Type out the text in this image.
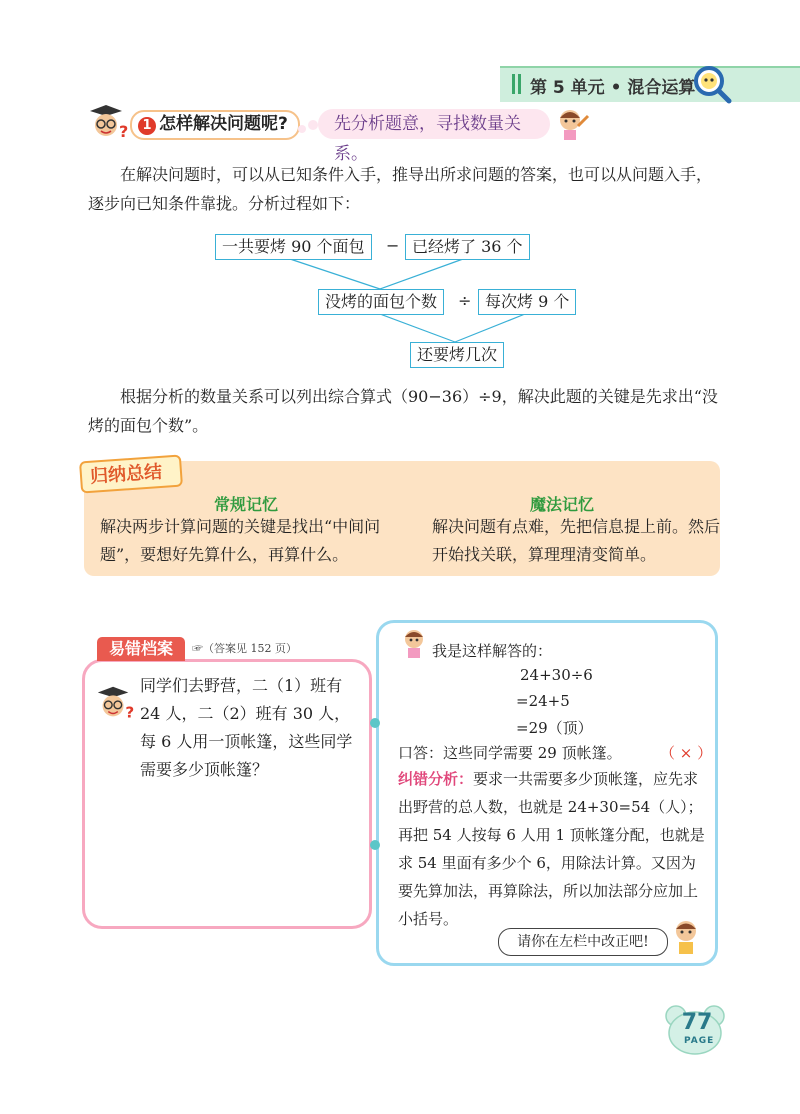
第 5 单元 • 混合运算
?	1 怎样解决问题呢?	先分析题意，寻找数量关系。
在解决问题时，可以从已知条件入手，推导出所求问题的答案，也可以从问题入手，逐步向已知条件靠拢。分析过程如下：
一共要烤 90 个面包	− 已经烤了 36 个
没烤的面包个数	÷ 每次烤 9 个
还要烤几次
根据分析的数量关系可以列出综合算式（90−36）÷9，解决此题的关键是先求出“没烤的面包个数”。
归纳总结
常规记忆	魔法记忆
解决两步计算问题的关键是找出“中间问题”，要想好先算什么，再算什么。
解决问题有点难，先把信息提上前。然后开始找关联，算理理清变简单。
易错档案	☞（答案见 152 页）
?
同学们去野营，二（1）班有 24 人，二（2）班有 30 人，每 6 人用一顶帐篷，这些同学需要多少顶帐篷？
我是这样解答的：
24+30÷6
=24+5
=29（顶）
口答：这些同学需要 29 顶帐篷。	（ × ）
纠错分析：要求一共需要多少顶帐篷，应先求出野营的总人数，也就是 24+30=54（人）；再把 54 人按每 6 人用 1 顶帐篷分配，也就是求 54 里面有多少个 6，用除法计算。又因为要先算加法，再算除法，所以加法部分应加上小括号。
请你在左栏中改正吧!
77
PAGE
